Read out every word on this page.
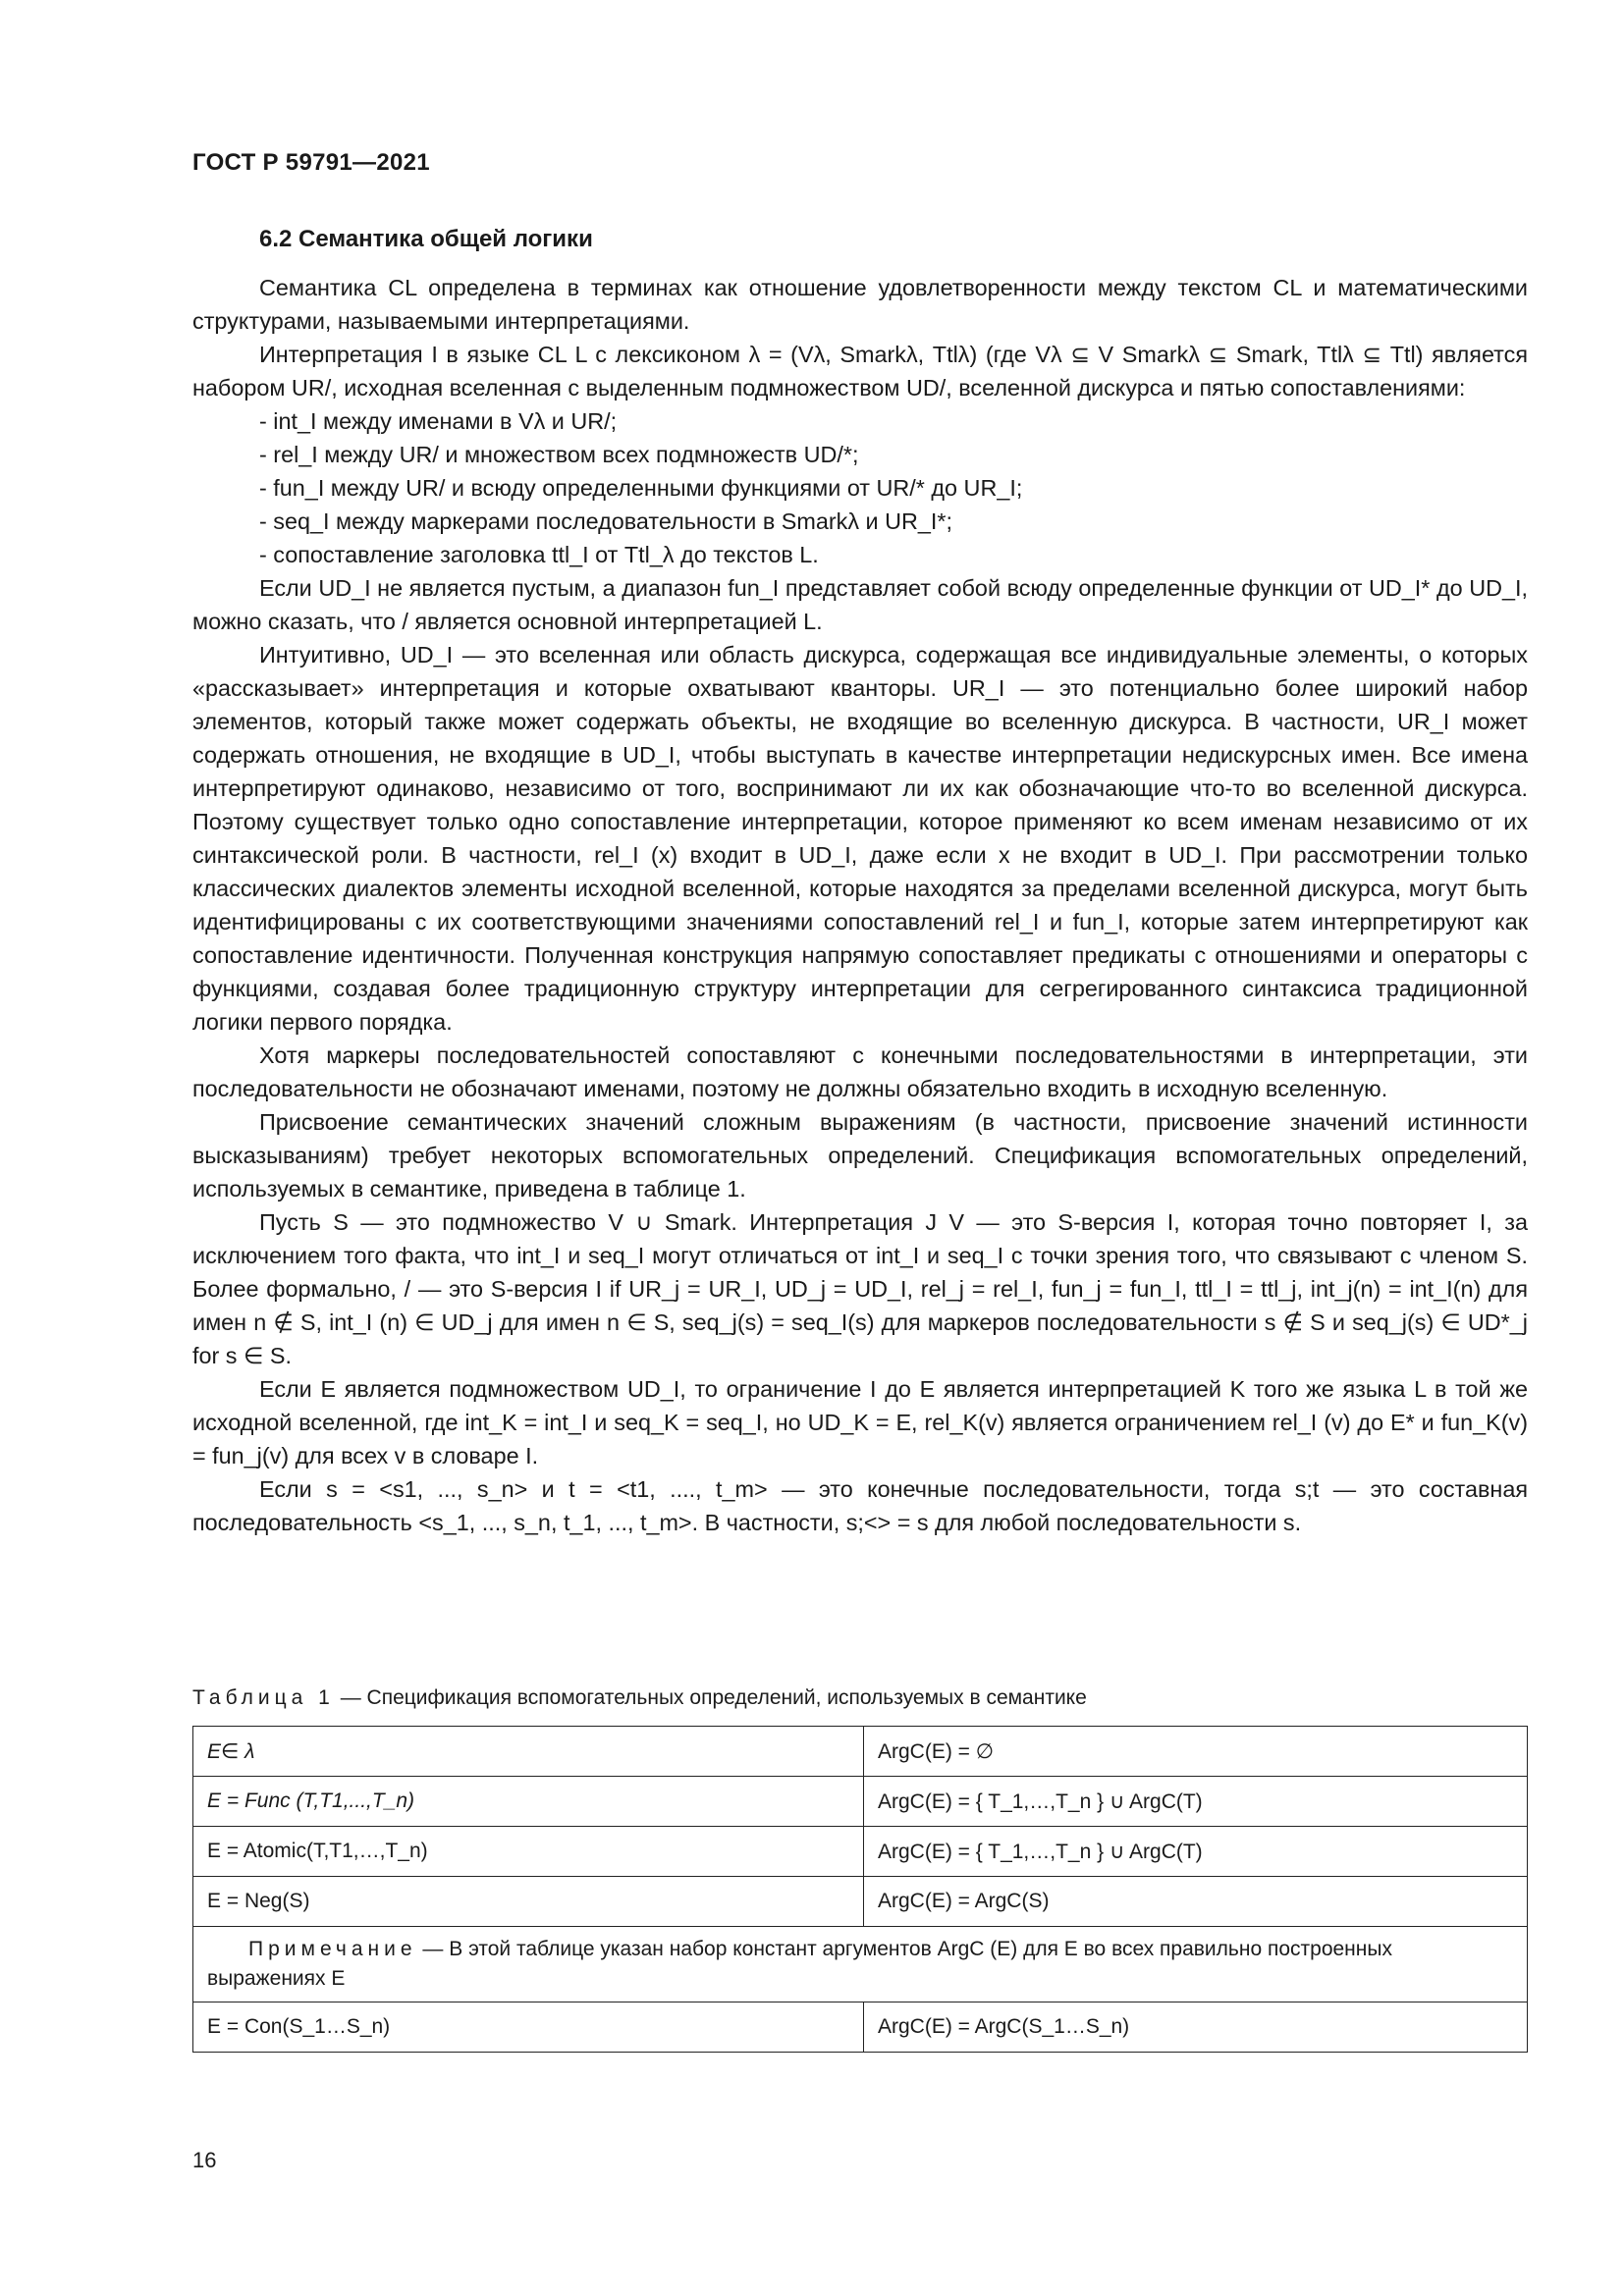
ГОСТ Р 59791—2021
6.2 Семантика общей логики

Семантика CL определена в терминах как отношение удовлетворенности между текстом CL и математическими структурами, называемыми интерпретациями.

Интерпретация I в языке CL L с лексиконом λ = (Vλ, Smarkλ, Ttlλ) (где Vλ ⊆ V Smarkλ ⊆ Smark, Ttlλ ⊆ Ttl) является набором UR/, исходная вселенная с выделенным подмножеством UD/, вселенной дискурса и пятью сопоставлениями:

- int_I между именами в Vλ и UR/;

- rel_I между UR/ и множеством всех подмножеств UD/*;

- fun_I между UR/ и всюду определенными функциями от UR/* до UR_I;

- seq_I между маркерами последовательности в Smarkλ и UR_I*;

- сопоставление заголовка ttl_I от Ttl_λ до текстов L.

Если UD_I не является пустым, а диапазон fun_I представляет собой всюду определенные функции от UD_I* до UD_I, можно сказать, что / является основной интерпретацией L.

Интуитивно, UD_I — это вселенная или область дискурса, содержащая все индивидуальные элементы, о которых «рассказывает» интерпретация и которые охватывают кванторы. UR_I — это потенциально более широкий набор элементов, который также может содержать объекты, не входящие во вселенную дискурса. В частности, UR_I может содержать отношения, не входящие в UD_I, чтобы выступать в качестве интерпретации недискурсных имен. Все имена интерпретируют одинаково, независимо от того, воспринимают ли их как обозначающие что-то во вселенной дискурса. Поэтому существует только одно сопоставление интерпретации, которое применяют ко всем именам независимо от их синтаксической роли. В частности, rel_I (x) входит в UD_I, даже если x не входит в UD_I. При рассмотрении только классических диалектов элементы исходной вселенной, которые находятся за пределами вселенной дискурса, могут быть идентифицированы с их соответствующими значениями сопоставлений rel_I и fun_I, которые затем интерпретируют как сопоставление идентичности. Полученная конструкция напрямую сопоставляет предикаты с отношениями и операторы с функциями, создавая более традиционную структуру интерпретации для сегрегированного синтаксиса традиционной логики первого порядка.

Хотя маркеры последовательностей сопоставляют с конечными последовательностями в интерпретации, эти последовательности не обозначают именами, поэтому не должны обязательно входить в исходную вселенную.

Присвоение семантических значений сложным выражениям (в частности, присвоение значений истинности высказываниям) требует некоторых вспомогательных определений. Спецификация вспомогательных определений, используемых в семантике, приведена в таблице 1.

Пусть S — это подмножество V ∪ Smark. Интерпретация J V — это S-версия I, которая точно повторяет I, за исключением того факта, что int_I и seq_I могут отличаться от int_I и seq_I с точки зрения того, что связывают с членом S. Более формально, / — это S-версия I if UR_j = UR_I, UD_j = UD_I, rel_j = rel_I, fun_j = fun_I, ttl_I = ttl_j, int_j(n) = int_I(n) для имен n ∉ S, int_I (n) ∈ UD_j для имен n ∈ S, seq_j(s) = seq_I(s) для маркеров последовательности s ∉ S и seq_j(s) ∈ UD*_j for s ∈ S.

Если E является подмножеством UD_I, то ограничение I до E является интерпретацией K того же языка L в той же исходной вселенной, где int_K = int_I и seq_K = seq_I, но UD_K = E, rel_K(v) является ограничением rel_I (v) до E* и fun_K(v) = fun_j(v) для всех v в словаре I.

Если s = <s1, ..., s_n> и t = <t1, ...., t_m> — это конечные последовательности, тогда s;t — это составная последовательность <s_1, ..., s_n, t_1, ..., t_m>. В частности, s;<> = s для любой последовательности s.

Таблица 1 — Спецификация вспомогательных определений, используемых в семантике
E∈ λ	ArgC(E) = ∅
E = Func (T,T1,...,T_n)	ArgC(E) = { T_1,…,T_n } ∪ ArgC(T)
E = Atomic(T,T1,…,T_n)	ArgC(E) = { T_1,…,T_n } ∪ ArgC(T)
E = Neg(S)	ArgC(E) = ArgC(S)
Примечание — В этой таблице указан набор констант аргументов ArgC (E) для E во всех правильно построенных выражениях E	
E = Con(S_1…S_n)	ArgC(E) = ArgC(S_1…S_n)
16
